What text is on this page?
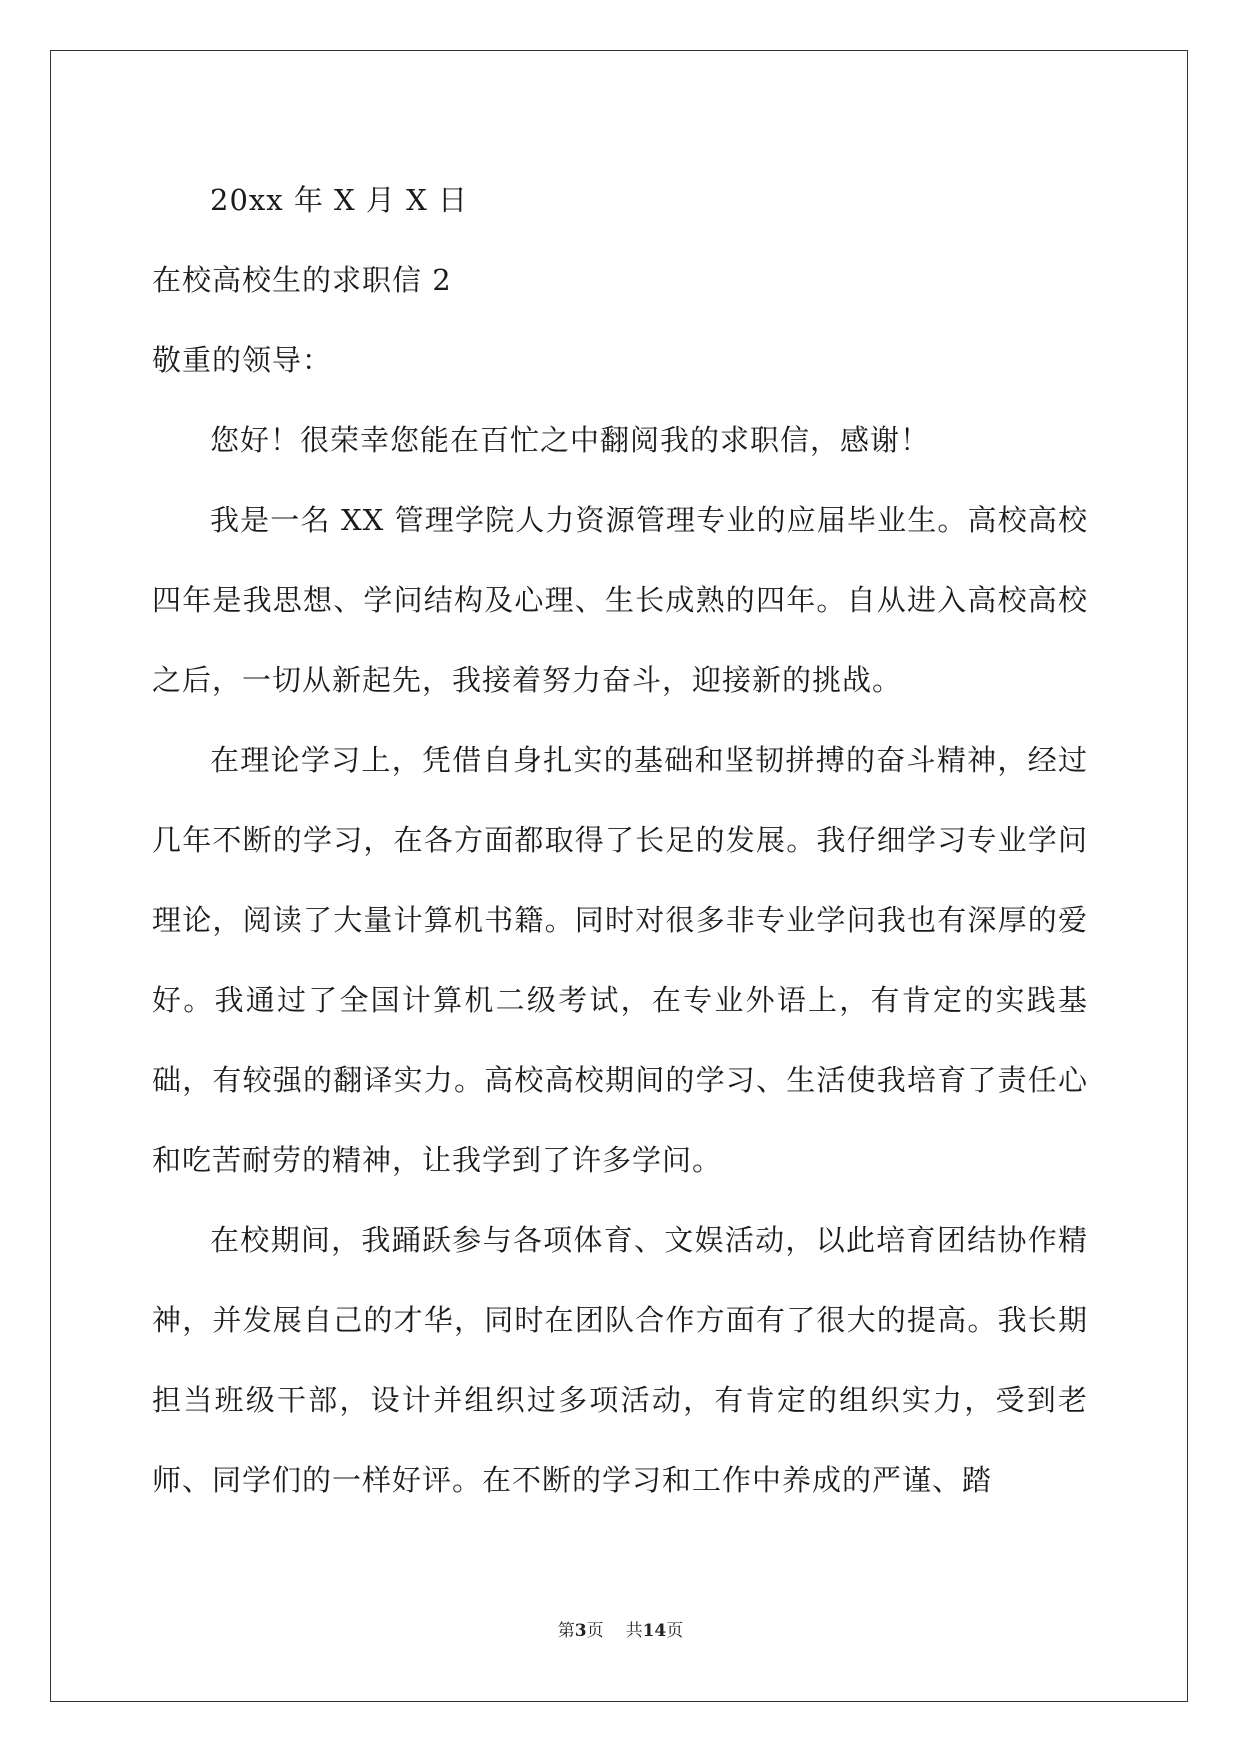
20xx 年 X 月 X 日
在校高校生的求职信 2
敬重的领导：

您好！很荣幸您能在百忙之中翻阅我的求职信，感谢！

我是一名 XX 管理学院人力资源管理专业的应届毕业生。高校高校四年是我思想、学问结构及心理、生长成熟的四年。自从进入高校高校之后，一切从新起先，我接着努力奋斗，迎接新的挑战。

在理论学习上，凭借自身扎实的基础和坚韧拼搏的奋斗精神，经过几年不断的学习，在各方面都取得了长足的发展。我仔细学习专业学问理论，阅读了大量计算机书籍。同时对很多非专业学问我也有深厚的爱好。我通过了全国计算机二级考试，在专业外语上，有肯定的实践基础，有较强的翻译实力。高校高校期间的学习、生活使我培育了责任心和吃苦耐劳的精神，让我学到了许多学问。

在校期间，我踊跃参与各项体育、文娱活动，以此培育团结协作精神，并发展自己的才华，同时在团队合作方面有了很大的提高。我长期担当班级干部，设计并组织过多项活动，有肯定的组织实力，受到老师、同学们的一样好评。在不断的学习和工作中养成的严谨、踏

第3页 共14页
